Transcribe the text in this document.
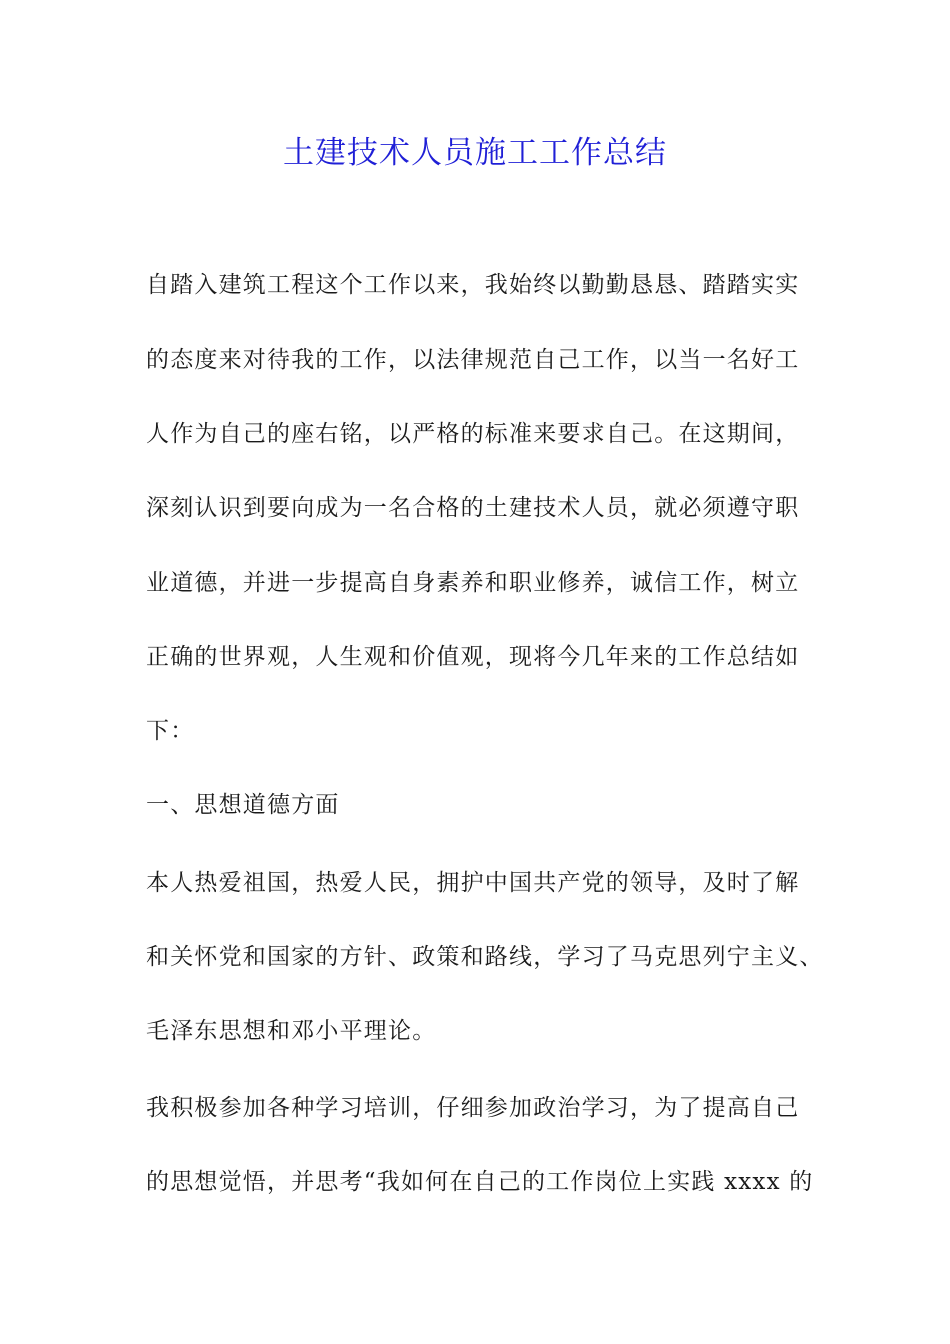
土建技术人员施工工作总结
自踏入建筑工程这个工作以来，我始终以勤勤恳恳、踏踏实实
的态度来对待我的工作，以法律规范自己工作，以当一名好工
人作为自己的座右铭，以严格的标准来要求自己。在这期间，
深刻认识到要向成为一名合格的土建技术人员，就必须遵守职
业道德，并进一步提高自身素养和职业修养，诚信工作，树立
正确的世界观，人生观和价值观，现将今几年来的工作总结如
下：
一、思想道德方面
本人热爱祖国，热爱人民，拥护中国共产党的领导，及时了解
和关怀党和国家的方针、政策和路线，学习了马克思列宁主义、
毛泽东思想和邓小平理论。
我积极参加各种学习培训，仔细参加政治学习，为了提高自己
的思想觉悟，并思考“我如何在自己的工作岗位上实践 xxxx 的
